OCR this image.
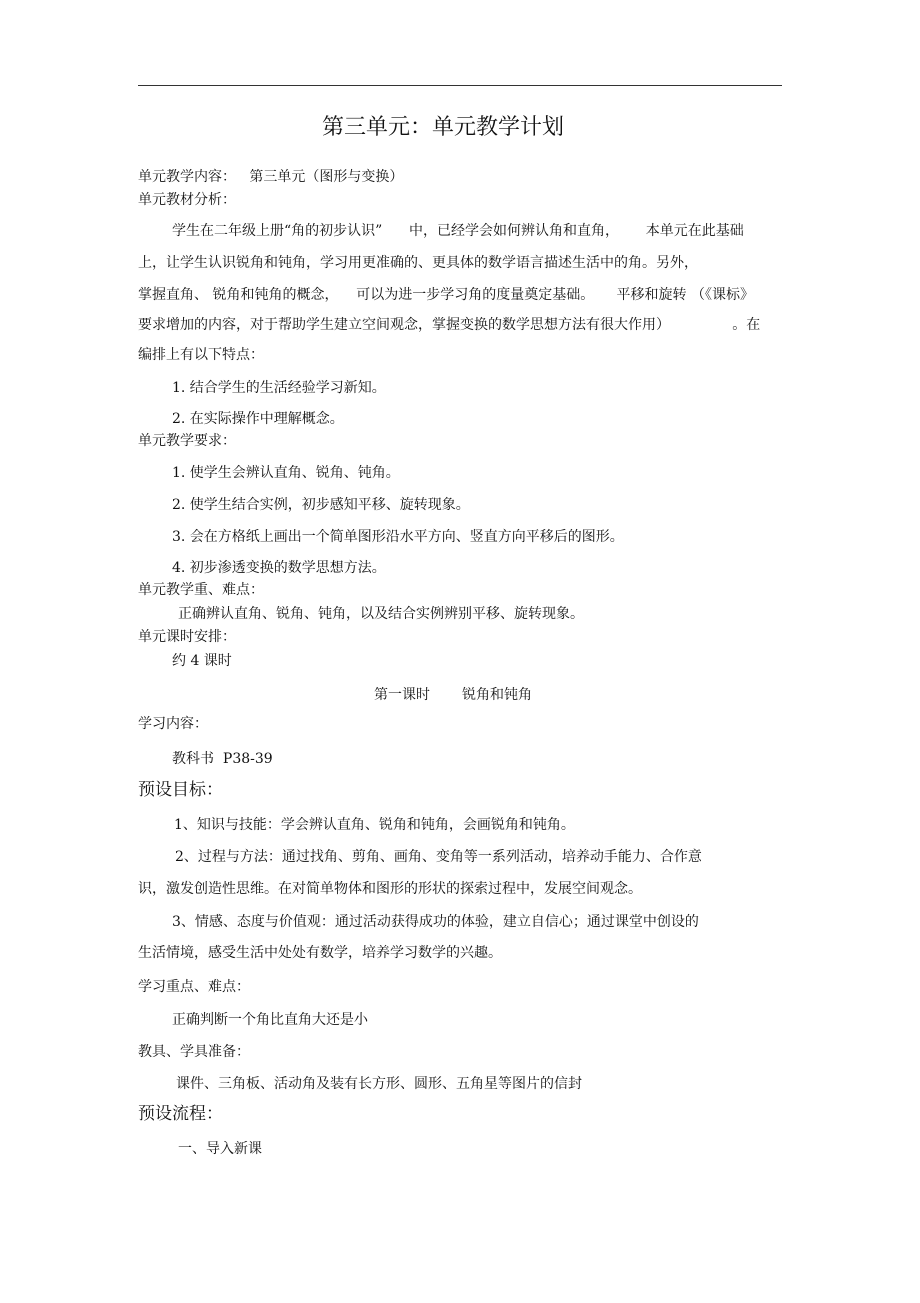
第三单元：单元教学计划
单元教学内容：   第三单元（图形与变换）
单元教材分析：
学生在二年级上册“角的初步认识”      中，已经学会如何辨认角和直角，      本单元在此基础
上，让学生认识锐角和钝角，学习用更准确的、更具体的数学语言描述生活中的角。另外，
掌握直角、 锐角和钝角的概念，    可以为进一步学习角的度量奠定基础。     平移和旋转 （《课标》
要求增加的内容，对于帮助学生建立空间观念，掌握变换的数学思想方法有很大作用）              。在
编排上有以下特点：
1. 结合学生的生活经验学习新知。
2. 在实际操作中理解概念。
单元教学要求：
1. 使学生会辨认直角、锐角、钝角。
2. 使学生结合实例，初步感知平移、旋转现象。
3. 会在方格纸上画出一个简单图形沿水平方向、竖直方向平移后的图形。
4. 初步渗透变换的数学思想方法。
单元教学重、难点：
正确辨认直角、锐角、钝角，以及结合实例辨别平移、旋转现象。
单元课时安排：
约 4 课时
第一课时 锐角和钝角
学习内容：
教科书  P38-39
预设目标：
1、知识与技能：学会辨认直角、锐角和钝角，会画锐角和钝角。
2、过程与方法：通过找角、剪角、画角、变角等一系列活动，培养动手能力、合作意
识，激发创造性思维。在对简单物体和图形的形状的探索过程中，发展空间观念。
3、情感、态度与价值观：通过活动获得成功的体验，建立自信心；通过课堂中创设的
生活情境，感受生活中处处有数学，培养学习数学的兴趣。
学习重点、难点：
正确判断一个角比直角大还是小
教具、学具准备：
课件、三角板、活动角及装有长方形、圆形、五角星等图片的信封
预设流程：
一、导入新课
